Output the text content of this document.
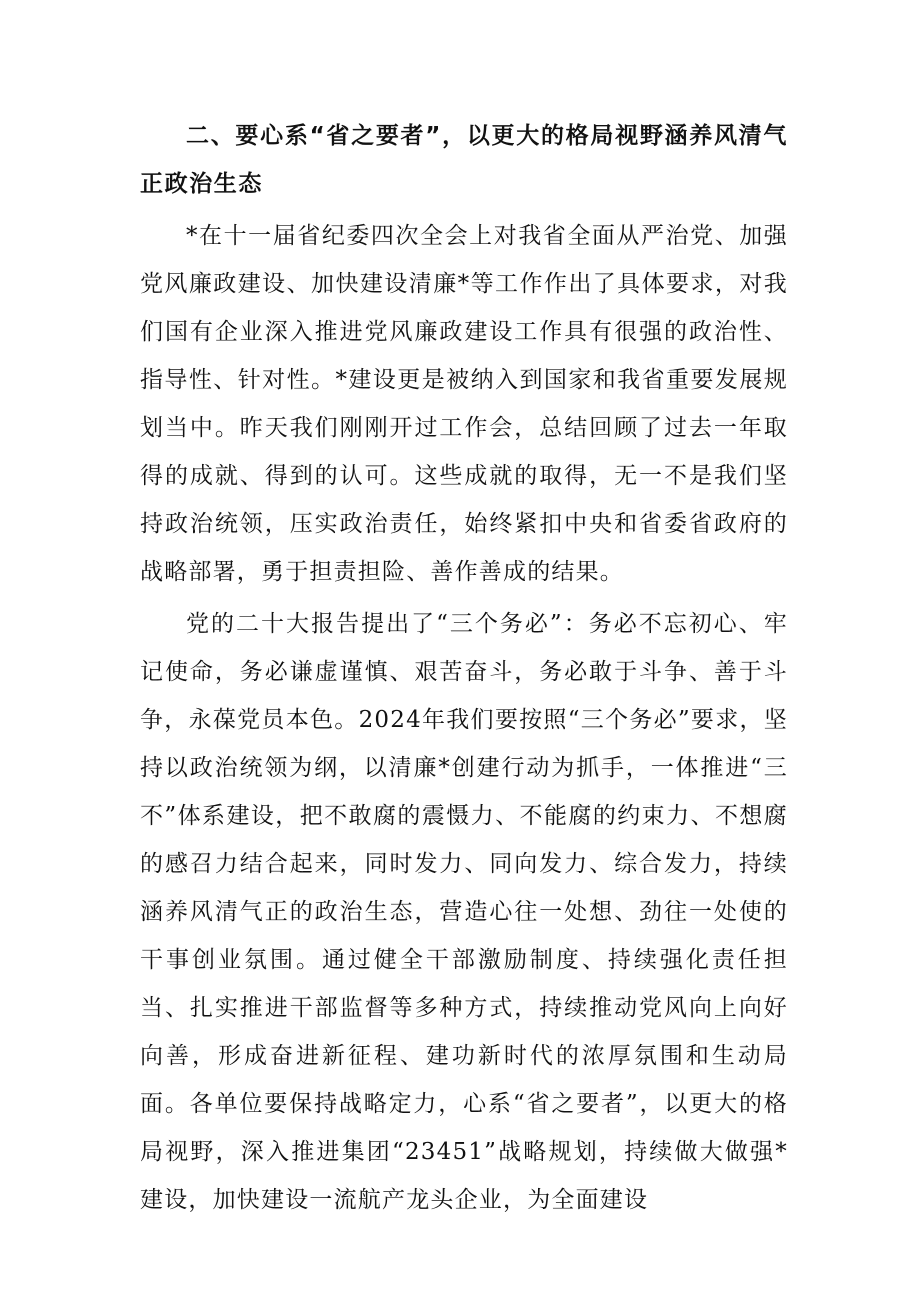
二、要心系“省之要者”，以更大的格局视野涵养风清气正政治生态

*在十一届省纪委四次全会上对我省全面从严治党、加强党风廉政建设、加快建设清廉*等工作作出了具体要求，对我们国有企业深入推进党风廉政建设工作具有很强的政治性、指导性、针对性。*建设更是被纳入到国家和我省重要发展规划当中。昨天我们刚刚开过工作会，总结回顾了过去一年取得的成就、得到的认可。这些成就的取得，无一不是我们坚持政治统领，压实政治责任，始终紧扣中央和省委省政府的战略部署，勇于担责担险、善作善成的结果。

党的二十大报告提出了“三个务必”：务必不忘初心、牢记使命，务必谦虚谨慎、艰苦奋斗，务必敢于斗争、善于斗争，永葆党员本色。2024年我们要按照“三个务必”要求，坚持以政治统领为纲，以清廉*创建行动为抓手，一体推进“三不”体系建设，把不敢腐的震慑力、不能腐的约束力、不想腐的感召力结合起来，同时发力、同向发力、综合发力，持续涵养风清气正的政治生态，营造心往一处想、劲往一处使的干事创业氛围。通过健全干部激励制度、持续强化责任担当、扎实推进干部监督等多种方式，持续推动党风向上向好向善，形成奋进新征程、建功新时代的浓厚氛围和生动局面。各单位要保持战略定力，心系“省之要者”，以更大的格局视野，深入推进集团“23451”战略规划，持续做大做强*建设，加快建设一流航产龙头企业，为全面建设
